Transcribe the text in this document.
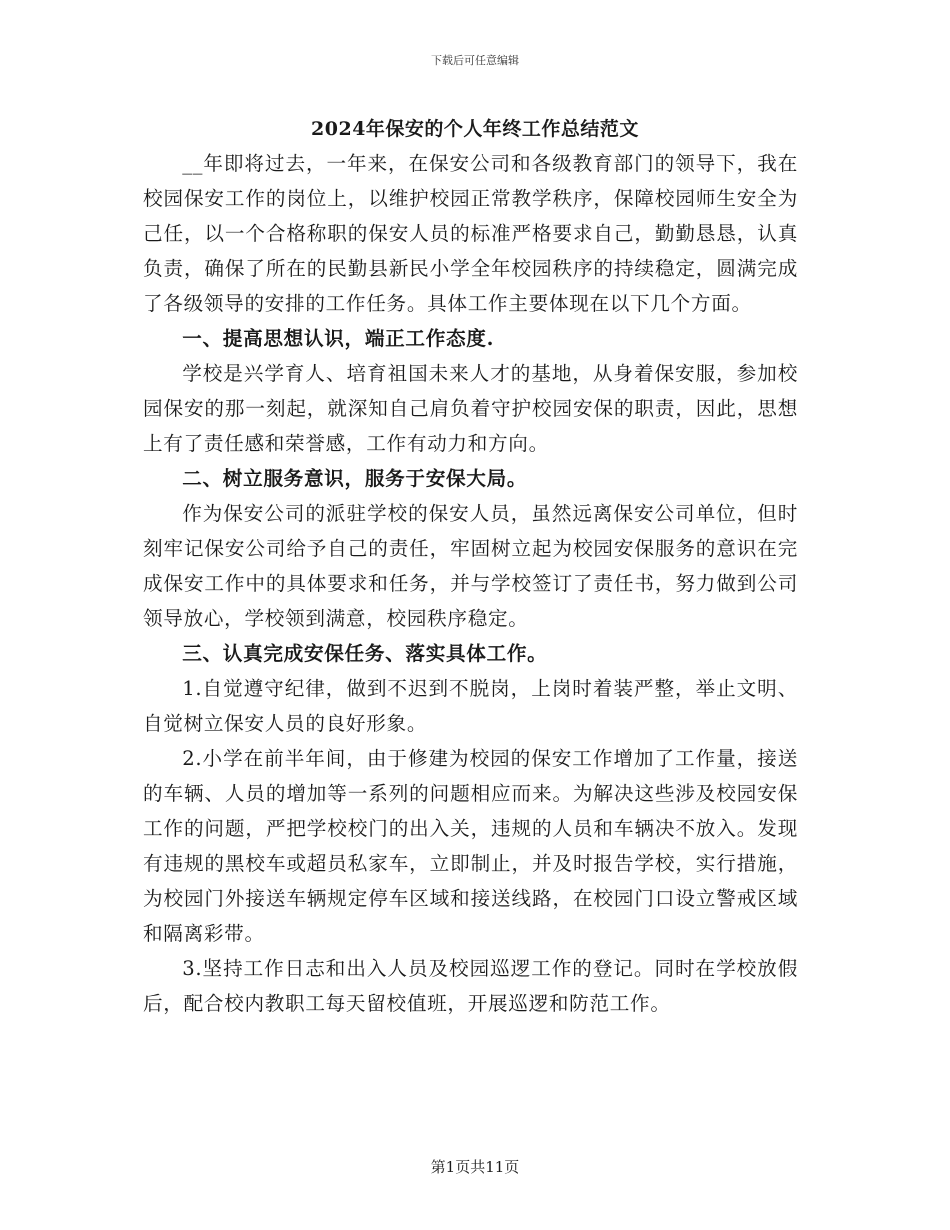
下载后可任意编辑
2024年保安的个人年终工作总结范文

__年即将过去，一年来，在保安公司和各级教育部门的领导下，我在校园保安工作的岗位上，以维护校园正常教学秩序，保障校园师生安全为己任，以一个合格称职的保安人员的标准严格要求自己，勤勤恳恳，认真负责，确保了所在的民勤县新民小学全年校园秩序的持续稳定，圆满完成了各级领导的安排的工作任务。具体工作主要体现在以下几个方面。

一、提高思想认识，端正工作态度.

学校是兴学育人、培育祖国未来人才的基地，从身着保安服，参加校园保安的那一刻起，就深知自己肩负着守护校园安保的职责，因此，思想上有了责任感和荣誉感，工作有动力和方向。

二、树立服务意识，服务于安保大局。

作为保安公司的派驻学校的保安人员，虽然远离保安公司单位，但时刻牢记保安公司给予自己的责任，牢固树立起为校园安保服务的意识在完成保安工作中的具体要求和任务，并与学校签订了责任书，努力做到公司领导放心，学校领到满意，校园秩序稳定。

三、认真完成安保任务、落实具体工作。

1.自觉遵守纪律，做到不迟到不脱岗，上岗时着装严整，举止文明、自觉树立保安人员的良好形象。

2.小学在前半年间，由于修建为校园的保安工作增加了工作量，接送的车辆、人员的增加等一系列的问题相应而来。为解决这些涉及校园安保工作的问题，严把学校校门的出入关，违规的人员和车辆决不放入。发现有违规的黑校车或超员私家车，立即制止，并及时报告学校，实行措施，为校园门外接送车辆规定停车区域和接送线路，在校园门口设立警戒区域和隔离彩带。

3.坚持工作日志和出入人员及校园巡逻工作的登记。同时在学校放假后，配合校内教职工每天留校值班，开展巡逻和防范工作。

第1页共11页
